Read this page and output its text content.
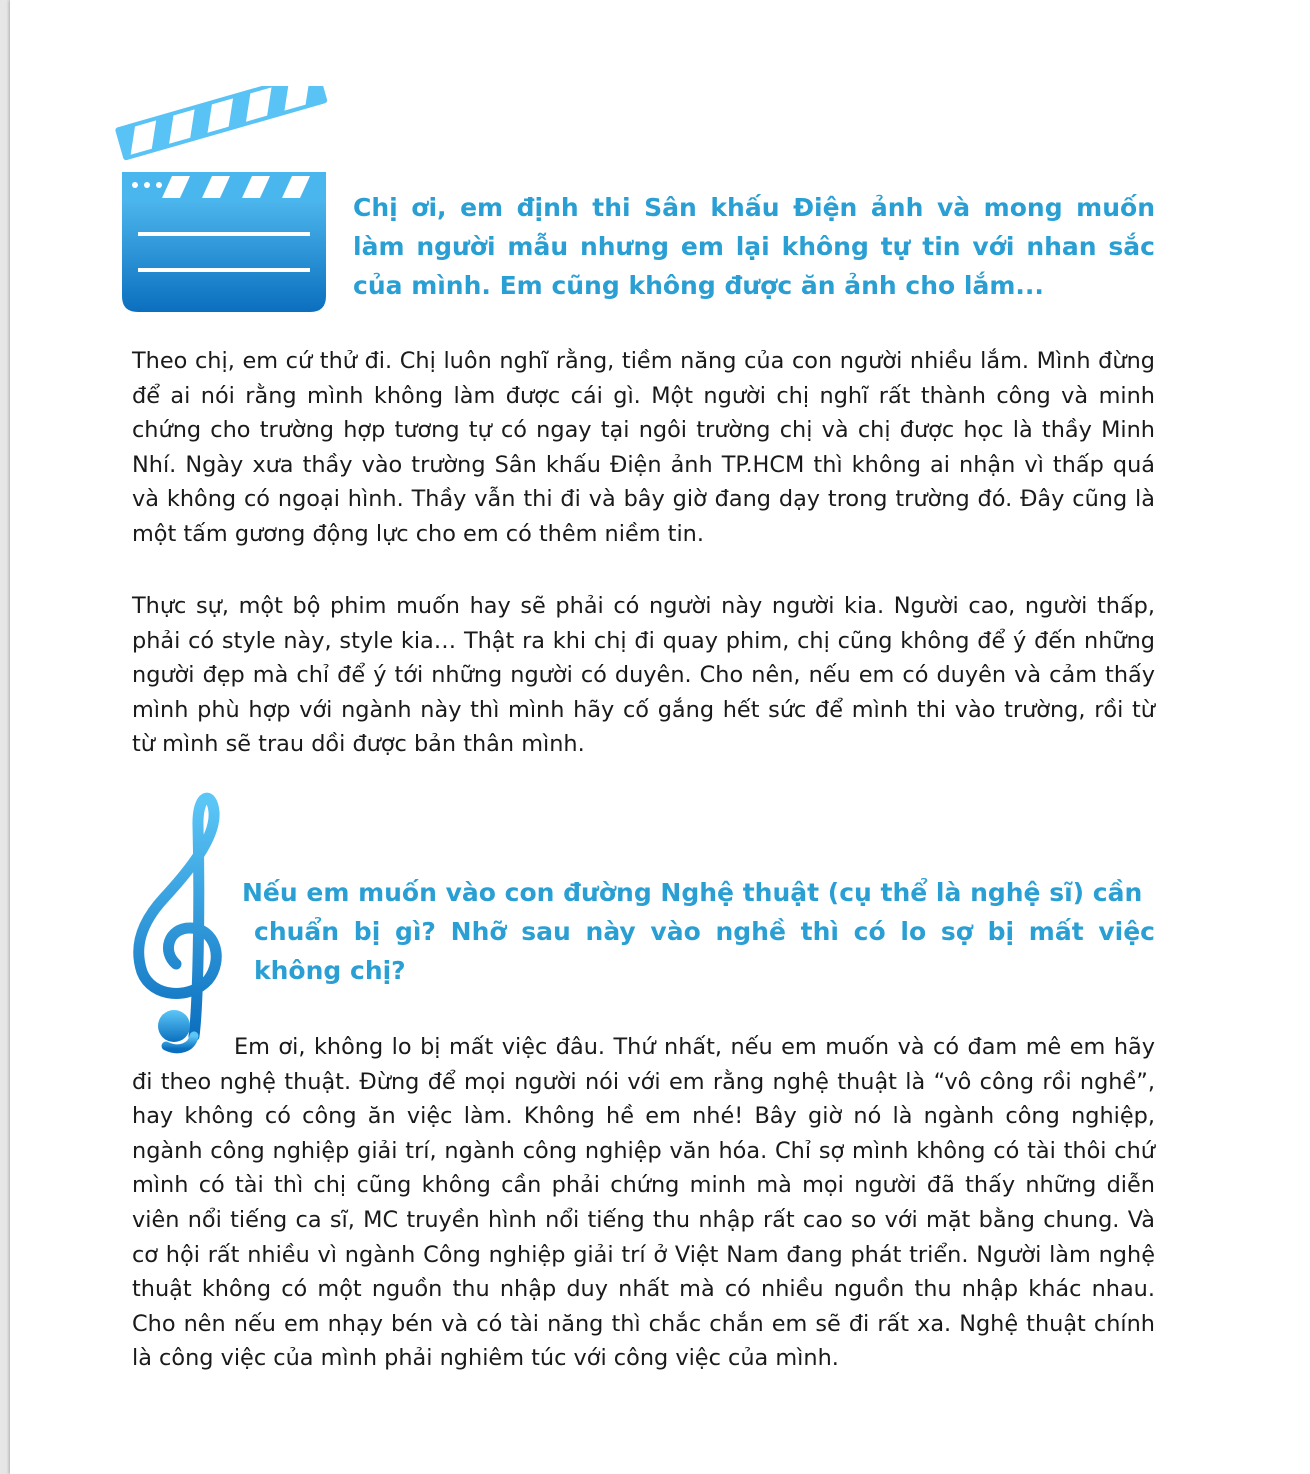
Chị ơi, em định thi Sân khấu Điện ảnh và mong muốn làm người mẫu nhưng em lại không tự tin với nhan sắc của mình. Em cũng không được ăn ảnh cho lắm...

Theo chị, em cứ thử đi. Chị luôn nghĩ rằng, tiềm năng của con người nhiều lắm. Mình đừng để ai nói rằng mình không làm được cái gì. Một người chị nghĩ rất thành công và minh chứng cho trường hợp tương tự có ngay tại ngôi trường chị và chị được học là thầy Minh Nhí. Ngày xưa thầy vào trường Sân khấu Điện ảnh TP.HCM thì không ai nhận vì thấp quá và không có ngoại hình. Thầy vẫn thi đi và bây giờ đang dạy trong trường đó. Đây cũng là một tấm gương động lực cho em có thêm niềm tin.

Thực sự, một bộ phim muốn hay sẽ phải có người này người kia. Người cao, người thấp, phải có style này, style kia… Thật ra khi chị đi quay phim, chị cũng không để ý đến những người đẹp mà chỉ để ý tới những người có duyên. Cho nên, nếu em có duyên và cảm thấy mình phù hợp với ngành này thì mình hãy cố gắng hết sức để mình thi vào trường, rồi từ từ mình sẽ trau dồi được bản thân mình.

Nếu em muốn vào con đường Nghệ thuật (cụ thể là nghệ sĩ) cần
chuẩn bị gì? Nhỡ sau này vào nghề thì có lo sợ bị mất việc không chị?

Em ơi, không lo bị mất việc đâu. Thứ nhất, nếu em muốn và có đam mê em hãy đi theo nghệ thuật. Đừng để mọi người nói với em rằng nghệ thuật là “vô công rồi nghề”, hay không có công ăn việc làm. Không hề em nhé! Bây giờ nó là ngành công nghiệp, ngành công nghiệp giải trí, ngành công nghiệp văn hóa. Chỉ sợ mình không có tài thôi chứ mình có tài thì chị cũng không cần phải chứng minh mà mọi người đã thấy những diễn viên nổi tiếng ca sĩ, MC truyền hình nổi tiếng thu nhập rất cao so với mặt bằng chung. Và cơ hội rất nhiều vì ngành Công nghiệp giải trí ở Việt Nam đang phát triển. Người làm nghệ thuật không có một nguồn thu nhập duy nhất mà có nhiều nguồn thu nhập khác nhau. Cho nên nếu em nhạy bén và có tài năng thì chắc chắn em sẽ đi rất xa. Nghệ thuật chính là công việc của mình phải nghiêm túc với công việc của mình.
